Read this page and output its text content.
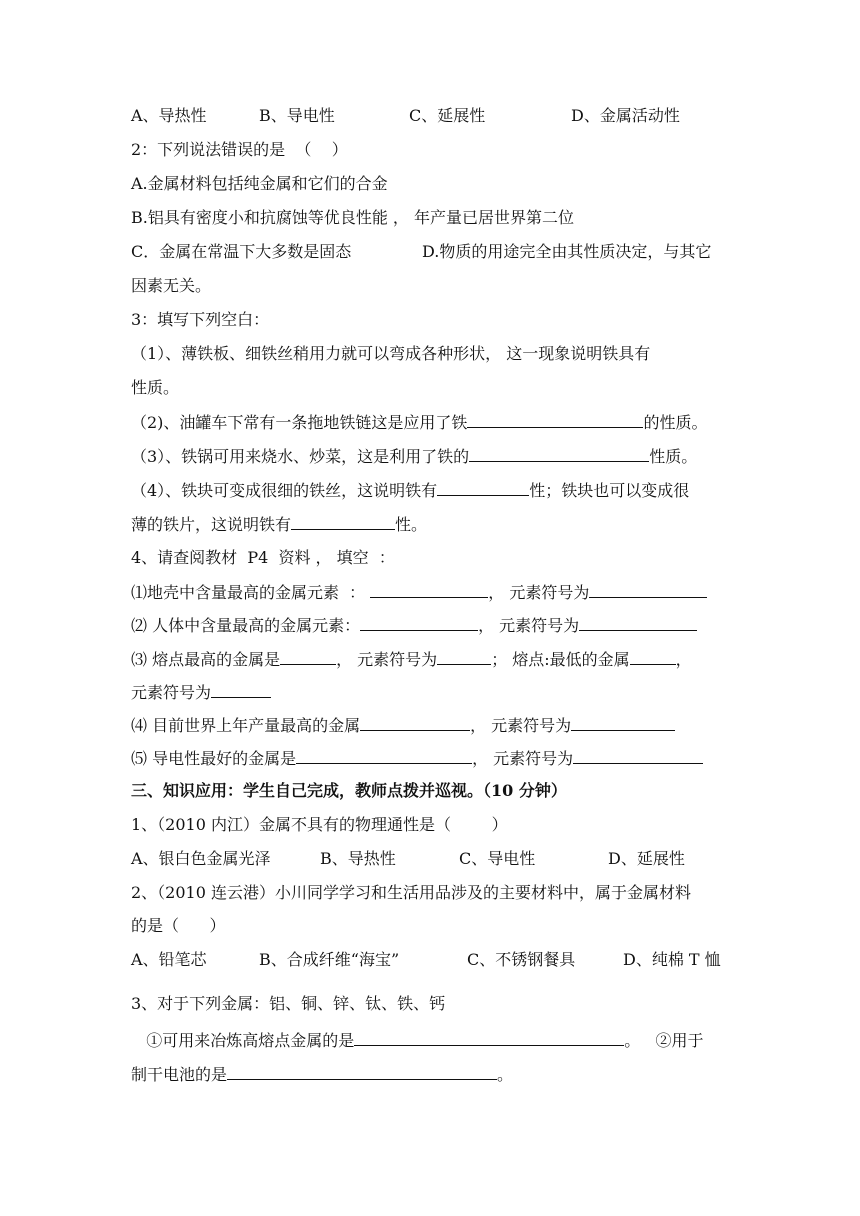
A、导热性	B、导电性	C、延展性	D、金属活动性
2：下列说法错误的是  （    ）
A.金属材料包括纯金属和它们的合金
B.铝具有密度小和抗腐蚀等优良性能 ， 年产量已居世界第二位
C．金属在常温下大多数是固态	D.物质的用途完全由其性质决定，与其它
因素无关。
3：填写下列空白：
（1）、薄铁板、细铁丝稍用力就可以弯成各种形状， 这一现象说明铁具有
性质。
（2)、油罐车下常有一条拖地铁链这是应用了铁	的性质。
（3）、铁锅可用来烧水、炒菜，这是利用了铁的	性质。
（4）、铁块可变成很细的铁丝，这说明铁有	性；铁块也可以变成很
薄的铁片，这说明铁有	性。
4、请查阅教材  P4  资料 ， 填空  ：
⑴地壳中含量最高的金属元素  ：	， 元素符号为
⑵ 人体中含量最高的金属元素：	， 元素符号为
⑶ 熔点最高的金属是	， 元素符号为	； 熔点:最低的金属	，
元素符号为
⑷ 目前世界上年产量最高的金属	， 元素符号为
⑸ 导电性最好的金属是	， 元素符号为
三、知识应用：学生自己完成，教师点拨并巡视。（10 分钟）
1、（2010 内江）金属不具有的物理通性是（        ）
A、银白色金属光泽	B、导热性	C、导电性	D、延展性
2、（2010 连云港）小川同学学习和生活用品涉及的主要材料中，属于金属材料
的是（      ）
A、铅笔芯	B、合成纤维“海宝”	C、不锈钢餐具	D、纯棉 T 恤
3、对于下列金属：铝、铜、锌、钛、铁、钙
①可用来冶炼高熔点金属的是	。   ②用于
制干电池的是	。
